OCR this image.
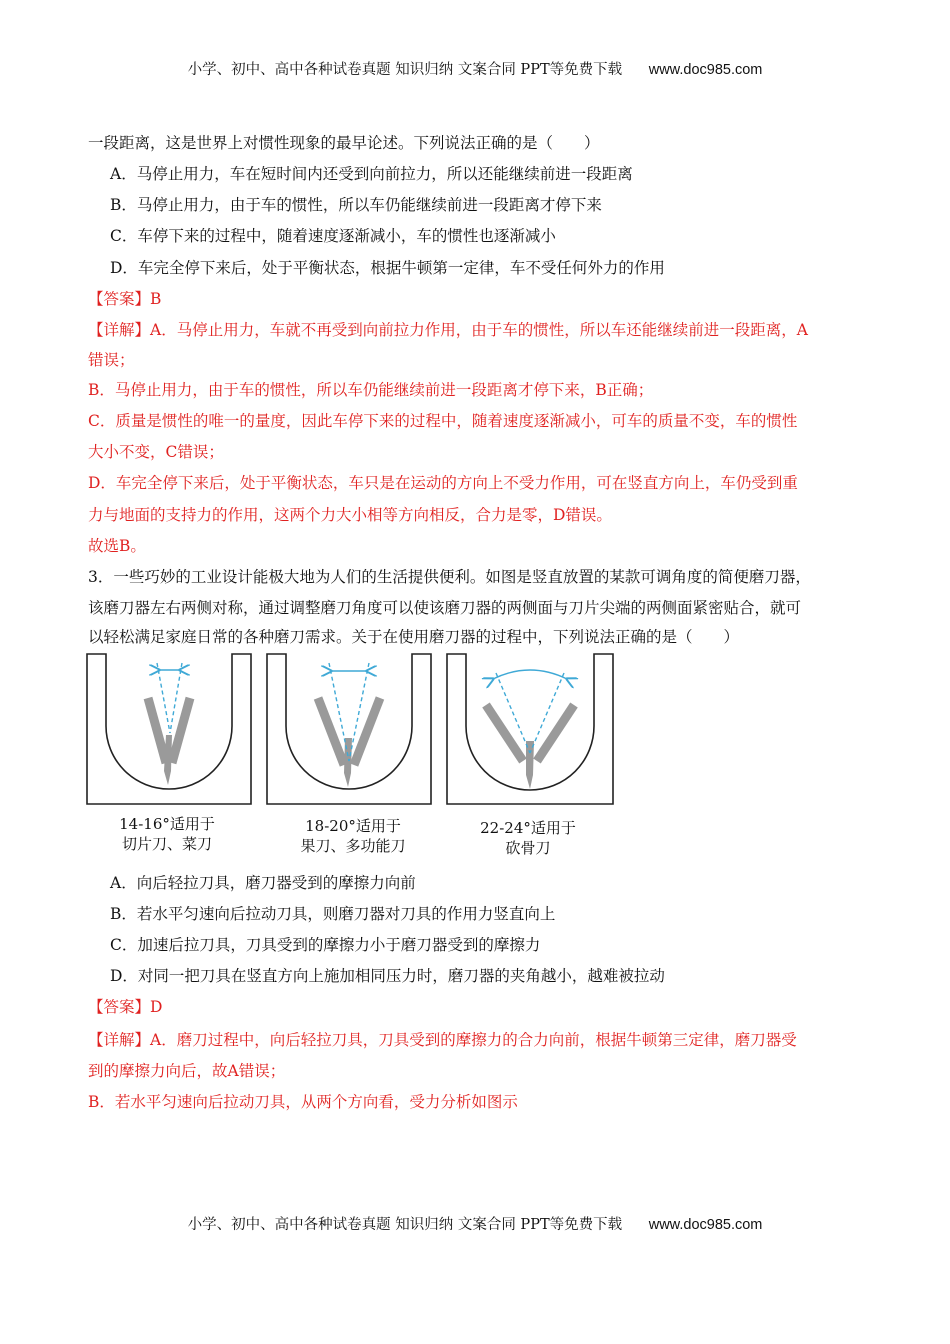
小学、初中、高中各种试卷真题 知识归纳 文案合同 PPT等免费下载 www.doc985.com
一段距离，这是世界上对惯性现象的最早论述。下列说法正确的是（　　）
A．马停止用力，车在短时间内还受到向前拉力，所以还能继续前进一段距离
B．马停止用力，由于车的惯性，所以车仍能继续前进一段距离才停下来
C．车停下来的过程中，随着速度逐渐减小，车的惯性也逐渐减小
D．车完全停下来后，处于平衡状态，根据牛顿第一定律，车不受任何外力的作用
【答案】B
【详解】A．马停止用力，车就不再受到向前拉力作用，由于车的惯性，所以车还能继续前进一段距离，A
错误；
B．马停止用力，由于车的惯性，所以车仍能继续前进一段距离才停下来，B正确；
C．质量是惯性的唯一的量度，因此车停下来的过程中，随着速度逐渐减小，可车的质量不变，车的惯性
大小不变，C错误；
D．车完全停下来后，处于平衡状态，车只是在运动的方向上不受力作用，可在竖直方向上，车仍受到重
力与地面的支持力的作用，这两个力大小相等方向相反，合力是零，D错误。
故选B。
3．一些巧妙的工业设计能极大地为人们的生活提供便利。如图是竖直放置的某款可调角度的简便磨刀器，
该磨刀器左右两侧对称，通过调整磨刀角度可以使该磨刀器的两侧面与刀片尖端的两侧面紧密贴合，就可
以轻松满足家庭日常的各种磨刀需求。关于在使用磨刀器的过程中，下列说法正确的是（　　）
14-16°适用于
切片刀、菜刀
18-20°适用于
果刀、多功能刀
22-24°适用于
砍骨刀
A．向后轻拉刀具，磨刀器受到的摩擦力向前
B．若水平匀速向后拉动刀具，则磨刀器对刀具的作用力竖直向上
C．加速后拉刀具，刀具受到的摩擦力小于磨刀器受到的摩擦力
D．对同一把刀具在竖直方向上施加相同压力时，磨刀器的夹角越小，越难被拉动
【答案】D
【详解】A．磨刀过程中，向后轻拉刀具，刀具受到的摩擦力的合力向前，根据牛顿第三定律，磨刀器受
到的摩擦力向后，故A错误；
B．若水平匀速向后拉动刀具，从两个方向看，受力分析如图示
小学、初中、高中各种试卷真题 知识归纳 文案合同 PPT等免费下载 www.doc985.com
